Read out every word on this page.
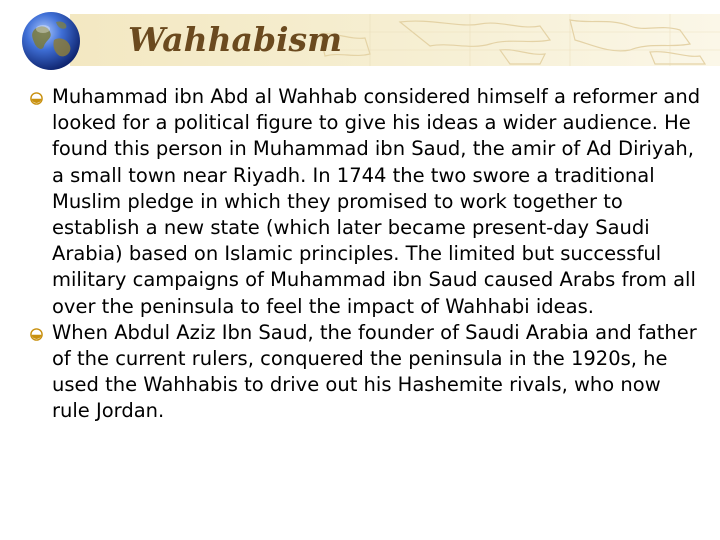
Wahhabism

Muhammad ibn Abd al Wahhab considered himself a reformer and looked for a political figure to give his ideas a wider audience. He found this person in Muhammad ibn Saud, the amir of Ad Diriyah, a small town near Riyadh. In 1744 the two swore a traditional Muslim pledge in which they promised to work together to establish a new state (which later became present-day Saudi Arabia) based on Islamic principles. The limited but successful military campaigns of Muhammad ibn Saud caused Arabs from all over the peninsula to feel the impact of Wahhabi ideas.

When Abdul Aziz Ibn Saud, the founder of Saudi Arabia and father of the current rulers, conquered the peninsula in the 1920s, he used the Wahhabis to drive out his Hashemite rivals, who now rule Jordan.
